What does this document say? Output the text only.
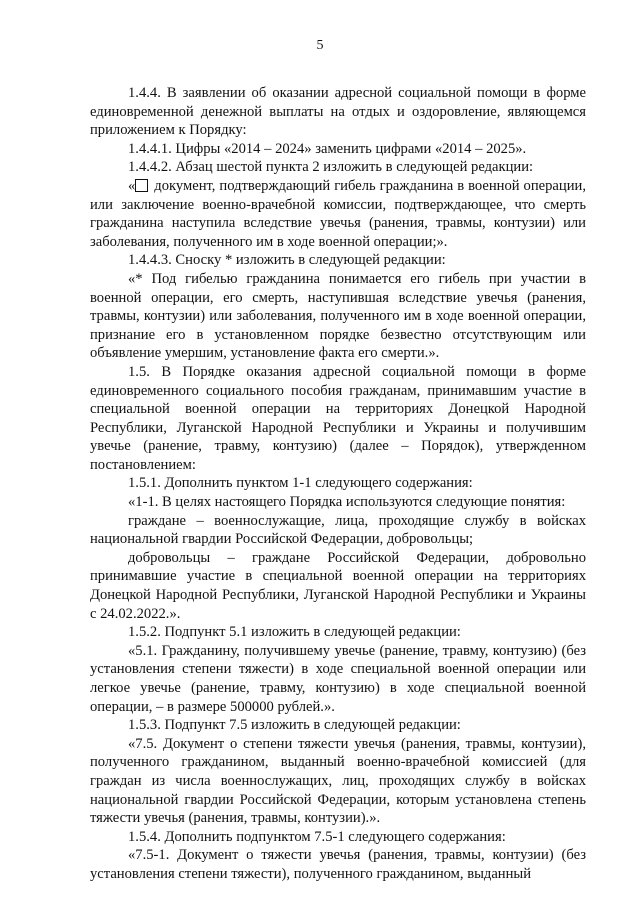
5

1.4.4. В заявлении об оказании адресной социальной помощи в форме единовременной денежной выплаты на отдых и оздоровление, являющемся приложением к Порядку:

1.4.4.1. Цифры «2014 – 2024» заменить цифрами «2014 – 2025».

1.4.4.2. Абзац шестой пункта 2 изложить в следующей редакции:

« документ, подтверждающий гибель гражданина в военной операции, или заключение военно-врачебной комиссии, подтверждающее, что смерть гражданина наступила вследствие увечья (ранения, травмы, контузии) или заболевания, полученного им в ходе военной операции;».

1.4.4.3. Сноску * изложить в следующей редакции:

«* Под гибелью гражданина понимается его гибель при участии в военной операции, его смерть, наступившая вследствие увечья (ранения, травмы, контузии) или заболевания, полученного им в ходе военной операции, признание его в установленном порядке безвестно отсутствующим или объявление умершим, установление факта его смерти.».

1.5. В Порядке оказания адресной социальной помощи в форме единовременного социального пособия гражданам, принимавшим участие в специальной военной операции на территориях Донецкой Народной Республики, Луганской Народной Республики и Украины и получившим увечье (ранение, травму, контузию) (далее – Порядок), утвержденном постановлением:

1.5.1. Дополнить пунктом 1-1 следующего содержания:

«1-1. В целях настоящего Порядка используются следующие понятия:

граждане – военнослужащие, лица, проходящие службу в войсках национальной гвардии Российской Федерации, добровольцы;

добровольцы – граждане Российской Федерации, добровольно принимавшие участие в специальной военной операции на территориях Донецкой Народной Республики, Луганской Народной Республики и Украины с 24.02.2022.».

1.5.2. Подпункт 5.1 изложить в следующей редакции:

«5.1. Гражданину, получившему увечье (ранение, травму, контузию) (без установления степени тяжести) в ходе специальной военной операции или легкое увечье (ранение, травму, контузию) в ходе специальной военной операции, – в размере 500000 рублей.».

1.5.3. Подпункт 7.5 изложить в следующей редакции:

«7.5. Документ о степени тяжести увечья (ранения, травмы, контузии), полученного гражданином, выданный военно-врачебной комиссией (для граждан из числа военнослужащих, лиц, проходящих службу в войсках национальной гвардии Российской Федерации, которым установлена степень тяжести увечья (ранения, травмы, контузии).».

1.5.4. Дополнить подпунктом 7.5-1 следующего содержания:

«7.5-1. Документ о тяжести увечья (ранения, травмы, контузии) (без установления степени тяжести), полученного гражданином, выданный
